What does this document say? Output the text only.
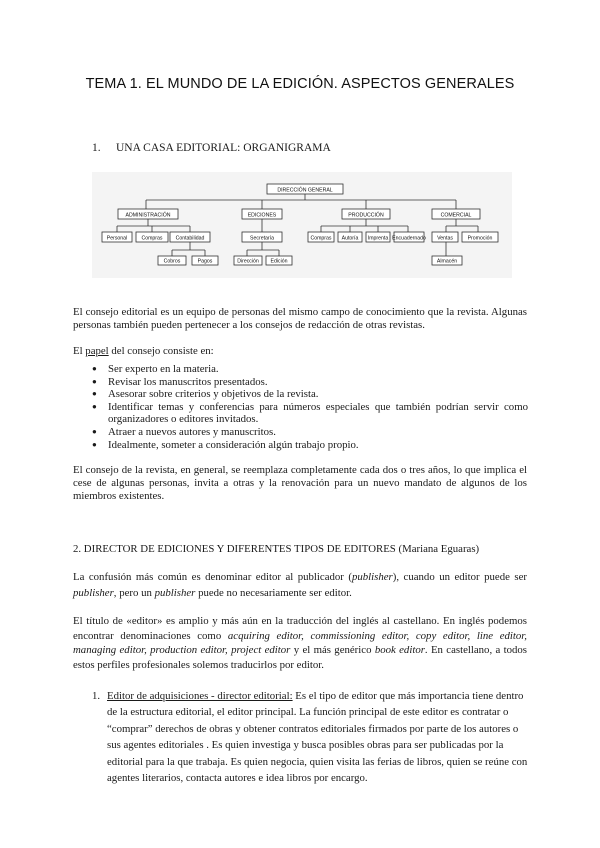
TEMA 1. EL MUNDO DE LA EDICIÓN. ASPECTOS GENERALES
1. UNA CASA EDITORIAL: ORGANIGRAMA
DIRECCIÓN GENERAL
ADMINISTRACIÓN	EDICIONES	PRODUCCIÓN	COMERCIAL
Personal	Compras	Contabilidad
Cobros	Pagos
Secretaría
Dirección Edición
Compras Autoría Imprenta Encuadernado Ventas	Promoción
Almacén
El consejo editorial es un equipo de personas del mismo campo de conocimiento que la revista. Algunas personas también pueden pertenecer a los consejos de redacción de otras revistas.
El papel del consejo consiste en:
● Ser experto en la materia.
● Revisar los manuscritos presentados.
● Asesorar sobre criterios y objetivos de la revista.
● Identificar temas y conferencias para números especiales que también podrían servir como organizadores o editores invitados.
● Atraer a nuevos autores y manuscritos.
● Idealmente, someter a consideración algún trabajo propio.
El consejo de la revista, en general, se reemplaza completamente cada dos o tres años, lo que implica el cese de algunas personas, invita a otras y la renovación para un nuevo mandato de algunos de los miembros existentes.
2. DIRECTOR DE EDICIONES Y DIFERENTES TIPOS DE EDITORES (Mariana Eguaras)
La confusión más común es denominar editor al publicador (publisher), cuando un editor puede ser publisher, pero un publisher puede no necesariamente ser editor.
El título de «editor» es amplio y más aún en la traducción del inglés al castellano. En inglés podemos encontrar denominaciones como acquiring editor, commissioning editor, copy editor, line editor, managing editor, production editor, project editor y el más genérico book editor. En castellano, a todos estos perfiles profesionales solemos traducirlos por editor.
1. Editor de adquisiciones - director editorial: Es el tipo de editor que más importancia tiene dentro de la estructura editorial, el editor principal. La función principal de este editor es contratar o “comprar” derechos de obras y obtener contratos editoriales firmados por parte de los autores o sus agentes editoriales . Es quien investiga y busca posibles obras para ser publicadas por la editorial para la que trabaja. Es quien negocia, quien visita las ferias de libros, quien se reúne con agentes literarios, contacta autores e idea libros por encargo.
